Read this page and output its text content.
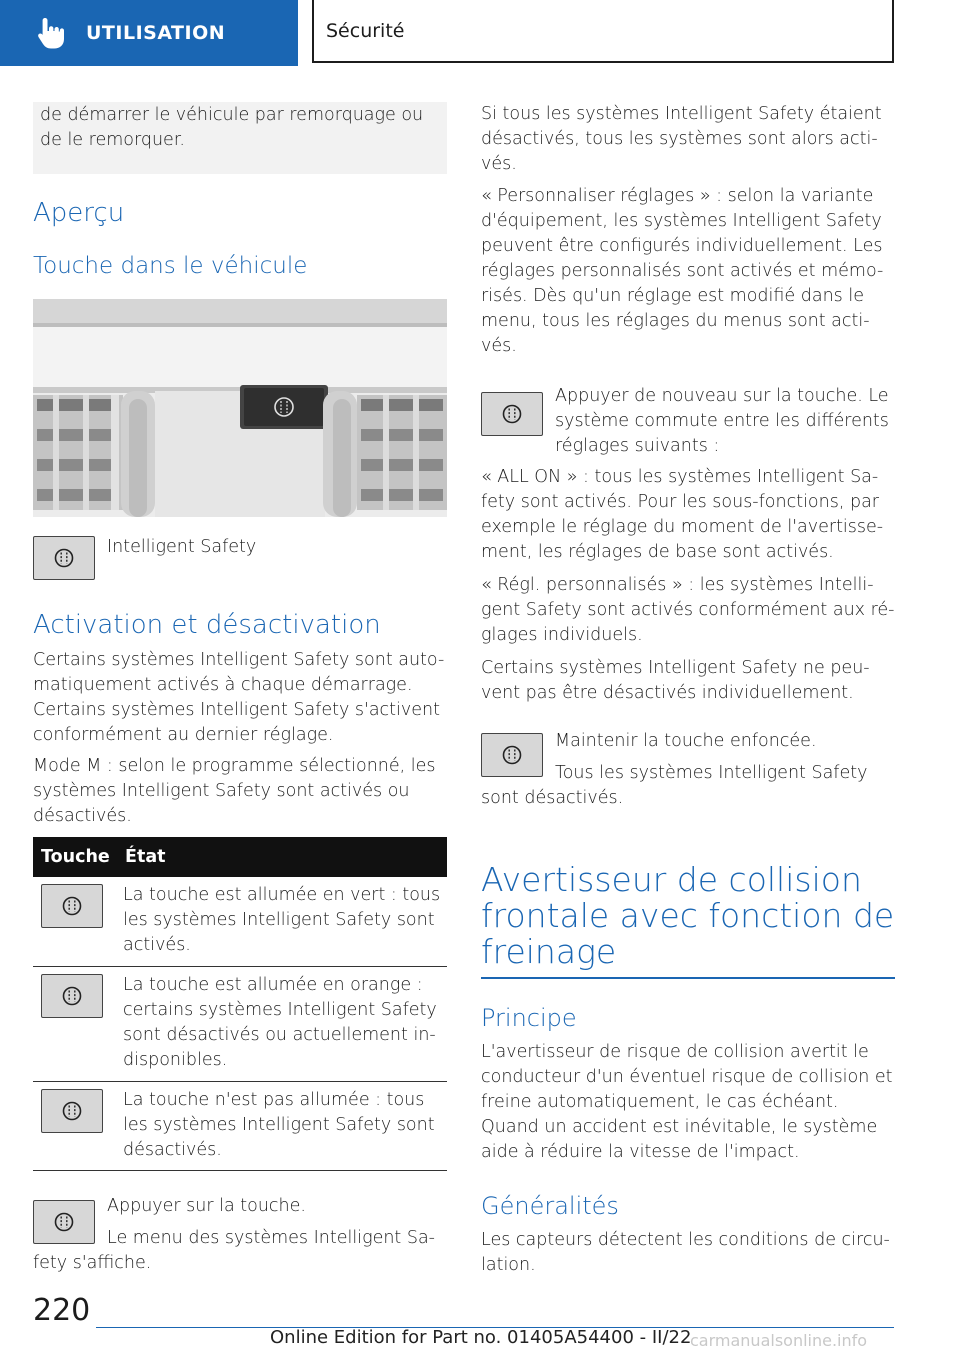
UTILISATION	Sécurité

de démarrer le véhicule par remorquage ou de le remorquer.

Aperçu
Touche dans le véhicule
Intelligent Safety
Activation et désactivation

Certains systèmes Intelligent Safety sont auto- matiquement activés à chaque démarrage. Certains systèmes Intelligent Safety s'activent conformément au dernier réglage.

Mode M : selon le programme sélectionné, les systèmes Intelligent Safety sont activés ou désactivés.

Touche État

La touche est allumée en vert : tous les systèmes Intelligent Safety sont activés.

La touche est allumée en orange : certains systèmes Intelligent Safety sont désactivés ou actuellement in- disponibles.

La touche n'est pas allumée : tous les systèmes Intelligent Safety sont désactivés.

Appuyer sur la touche.

Le menu des systèmes Intelligent Sa- fety s'affiche.

Si tous les systèmes Intelligent Safety étaient désactivés, tous les systèmes sont alors acti- vés.

« Personnaliser réglages » : selon la variante d'équipement, les systèmes Intelligent Safety peuvent être configurés individuellement. Les réglages personnalisés sont activés et mémo- risés. Dès qu'un réglage est modifié dans le menu, tous les réglages du menus sont acti- vés.

Appuyer de nouveau sur la touche. Le système commute entre les différents réglages suivants :

« ALL ON » : tous les systèmes Intelligent Sa- fety sont activés. Pour les sous-fonctions, par exemple le réglage du moment de l'avertisse- ment, les réglages de base sont activés.

« Régl. personnalisés » : les systèmes Intelli- gent Safety sont activés conformément aux ré- glages individuels.

Certains systèmes Intelligent Safety ne peu- vent pas être désactivés individuellement.

Maintenir la touche enfoncée.

Tous les systèmes Intelligent Safety sont désactivés.

Avertisseur de collision
frontale avec fonction de
freinage
Principe

L'avertisseur de risque de collision avertit le conducteur d'un éventuel risque de collision et freine automatiquement, le cas échéant. Quand un accident est inévitable, le système aide à réduire la vitesse de l'impact.

Généralités

Les capteurs détectent les conditions de circu- lation.

220
Online Edition for Part no. 01405A54400 - II/22
carmanualsonline.info
